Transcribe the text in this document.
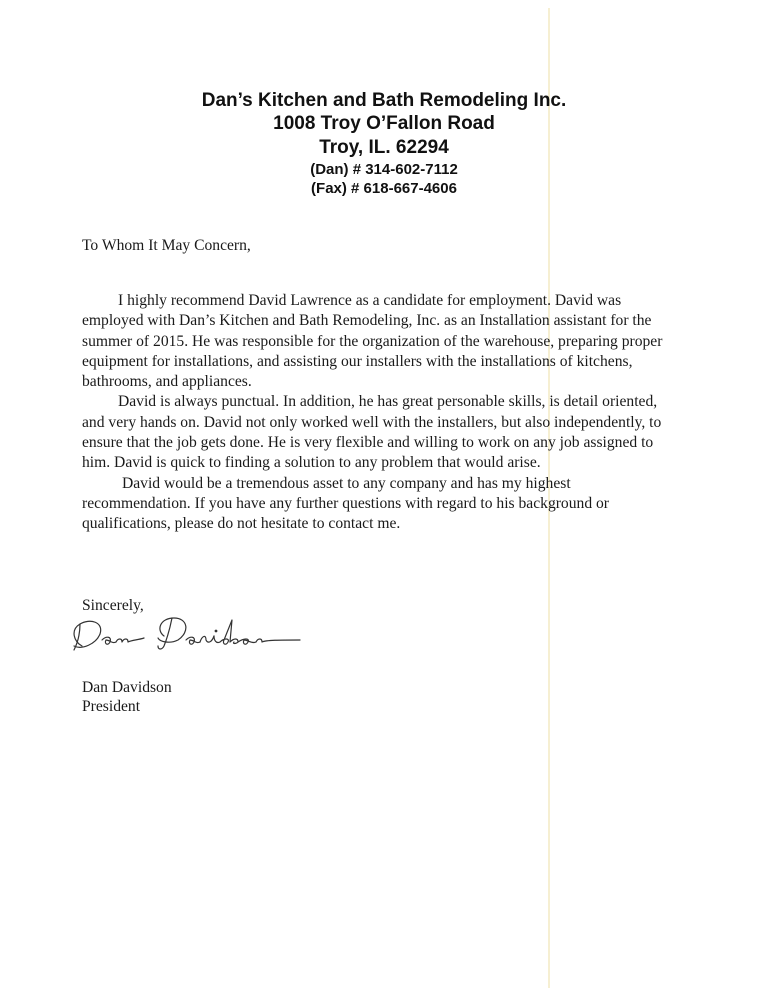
Dan’s Kitchen and Bath Remodeling Inc.
1008 Troy O’Fallon Road
Troy, IL. 62294
(Dan) # 314-602-7112
(Fax) # 618-667-4606
To Whom It May Concern,

I highly recommend David Lawrence as a candidate for employment. David was employed with Dan’s Kitchen and Bath Remodeling, Inc. as an Installation assistant for the summer of 2015. He was responsible for the organization of the warehouse, preparing proper equipment for installations, and assisting our installers with the installations of kitchens, bathrooms, and appliances.

David is always punctual. In addition, he has great personable skills, is detail oriented, and very hands on. David not only worked well with the installers, but also independently, to ensure that the job gets done. He is very flexible and willing to work on any job assigned to him. David is quick to finding a solution to any problem that would arise.

David would be a tremendous asset to any company and has my highest recommendation. If you have any further questions with regard to his background or qualifications, please do not hesitate to contact me.

Sincerely,
Dan Davidson
President
